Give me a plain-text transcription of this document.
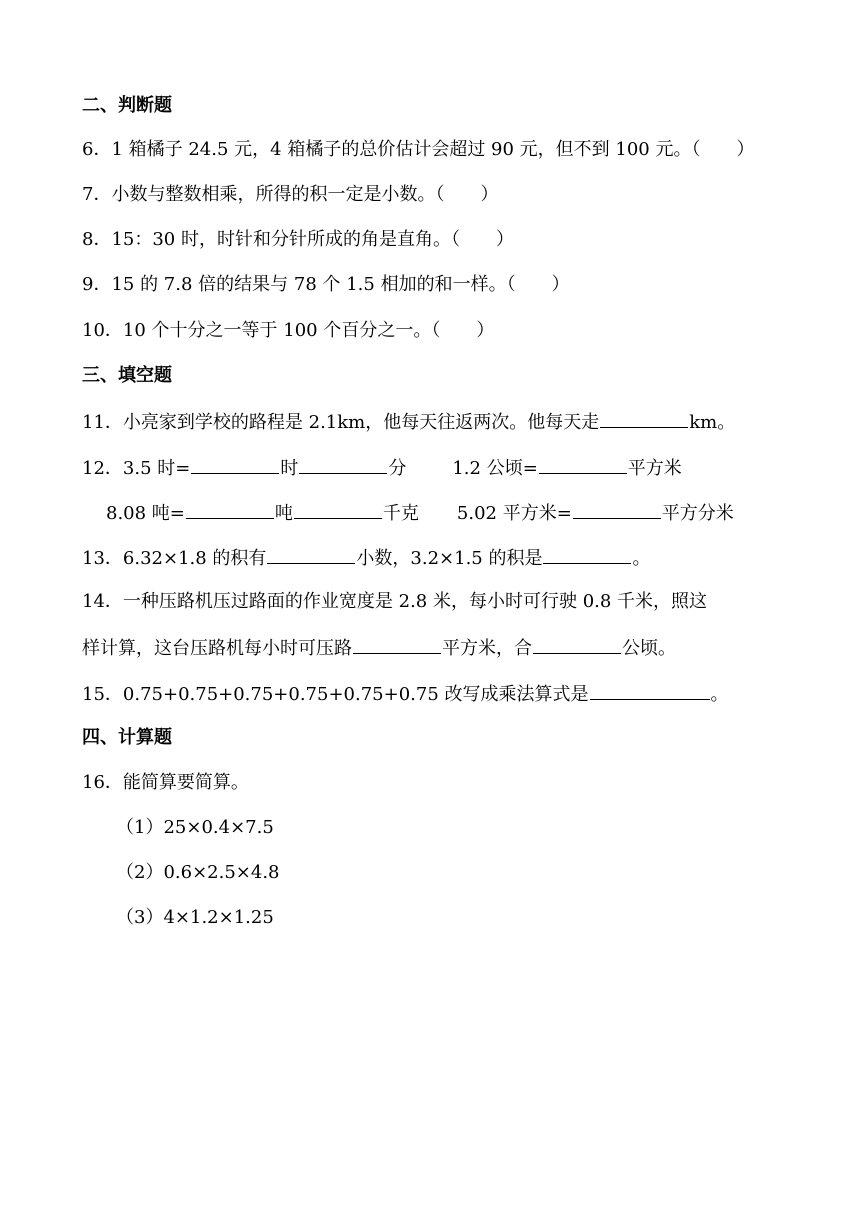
二、判断题
6．1 箱橘子 24.5 元，4 箱橘子的总价估计会超过 90 元，但不到 100 元。（　　）
7．小数与整数相乘，所得的积一定是小数。（　　）
8．15：30 时，时针和分针所成的角是直角。（　　）
9．15 的 7.8 倍的结果与 78 个 1.5 相加的和一样。（　　）
10．10 个十分之一等于 100 个百分之一。（　　）
三、填空题
11．小亮家到学校的路程是 2.1km，他每天往返两次。他每天走	km。
12．3.5 时=	时	分	1.2 公顷=	平方米
8.08 吨=	吨	千克 5.02 平方米=	平方分米
13．6.32×1.8 的积有	小数，3.2×1.5 的积是	。
14．一种压路机压过路面的作业宽度是 2.8 米，每小时可行驶 0.8 千米，照这
样计算，这台压路机每小时可压路	平方米，合	公顷。
15．0.75+0.75+0.75+0.75+0.75+0.75 改写成乘法算式是	。
四、计算题
16．能简算要简算。
（1）25×0.4×7.5
（2）0.6×2.5×4.8
（3）4×1.2×1.25
